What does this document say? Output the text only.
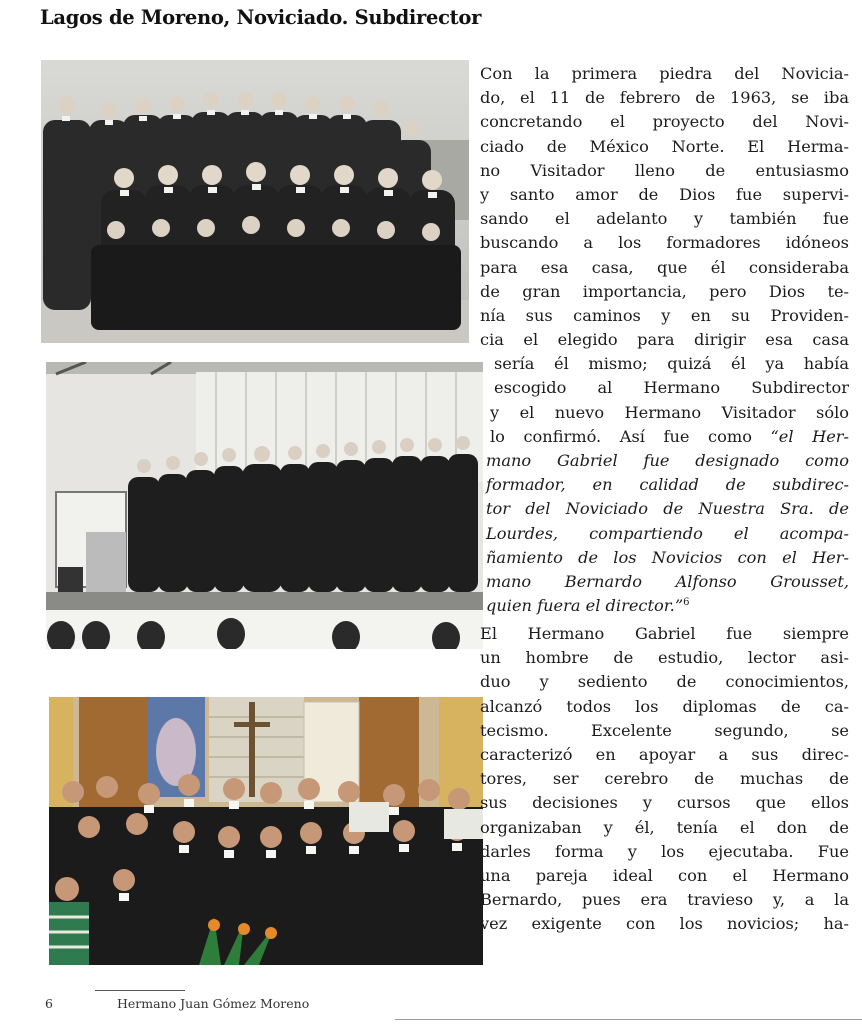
Lagos de Moreno, Noviciado. Subdirector
Con la primera piedra del Novicia-
do, el 11 de febrero de 1963, se iba
concretando el proyecto del Novi-
ciado de México Norte. El Herma-
no Visitador lleno de entusiasmo
y santo amor de Dios fue supervi-
sando el adelanto y también fue
buscando a los formadores idóneos
para esa casa, que él consideraba
de gran importancia, pero Dios te-
nía sus caminos y en su Providen-
cia el elegido para dirigir esa casa
sería él mismo; quizá él ya había
escogido al Hermano Subdirector
y el nuevo Hermano Visitador sólo
lo confirmó. Así fue como “el Her-
mano Gabriel fue designado como
formador, en calidad de subdirec-
tor del Noviciado de Nuestra Sra. de
Lourdes, compartiendo el acompa-
ñamiento de los Novicios con el Her-
mano Bernardo Alfonso Grousset,
quien fuera el director.”$^6$
El Hermano Gabriel fue siempre
un hombre de estudio, lector asi-
duo y sediento de conocimientos,
alcanzó todos los diplomas de ca-
tecismo. Excelente segundo, se
caracterizó en apoyar a sus direc-
tores, ser cerebro de muchas de
sus decisiones y cursos que ellos
organizaban y él, tenía el don de
darles forma y los ejecutaba. Fue
una pareja ideal con el Hermano
Bernardo, pues era travieso y, a la
vez exigente con los novicios; ha-
6	Hermano Juan Gómez Moreno
